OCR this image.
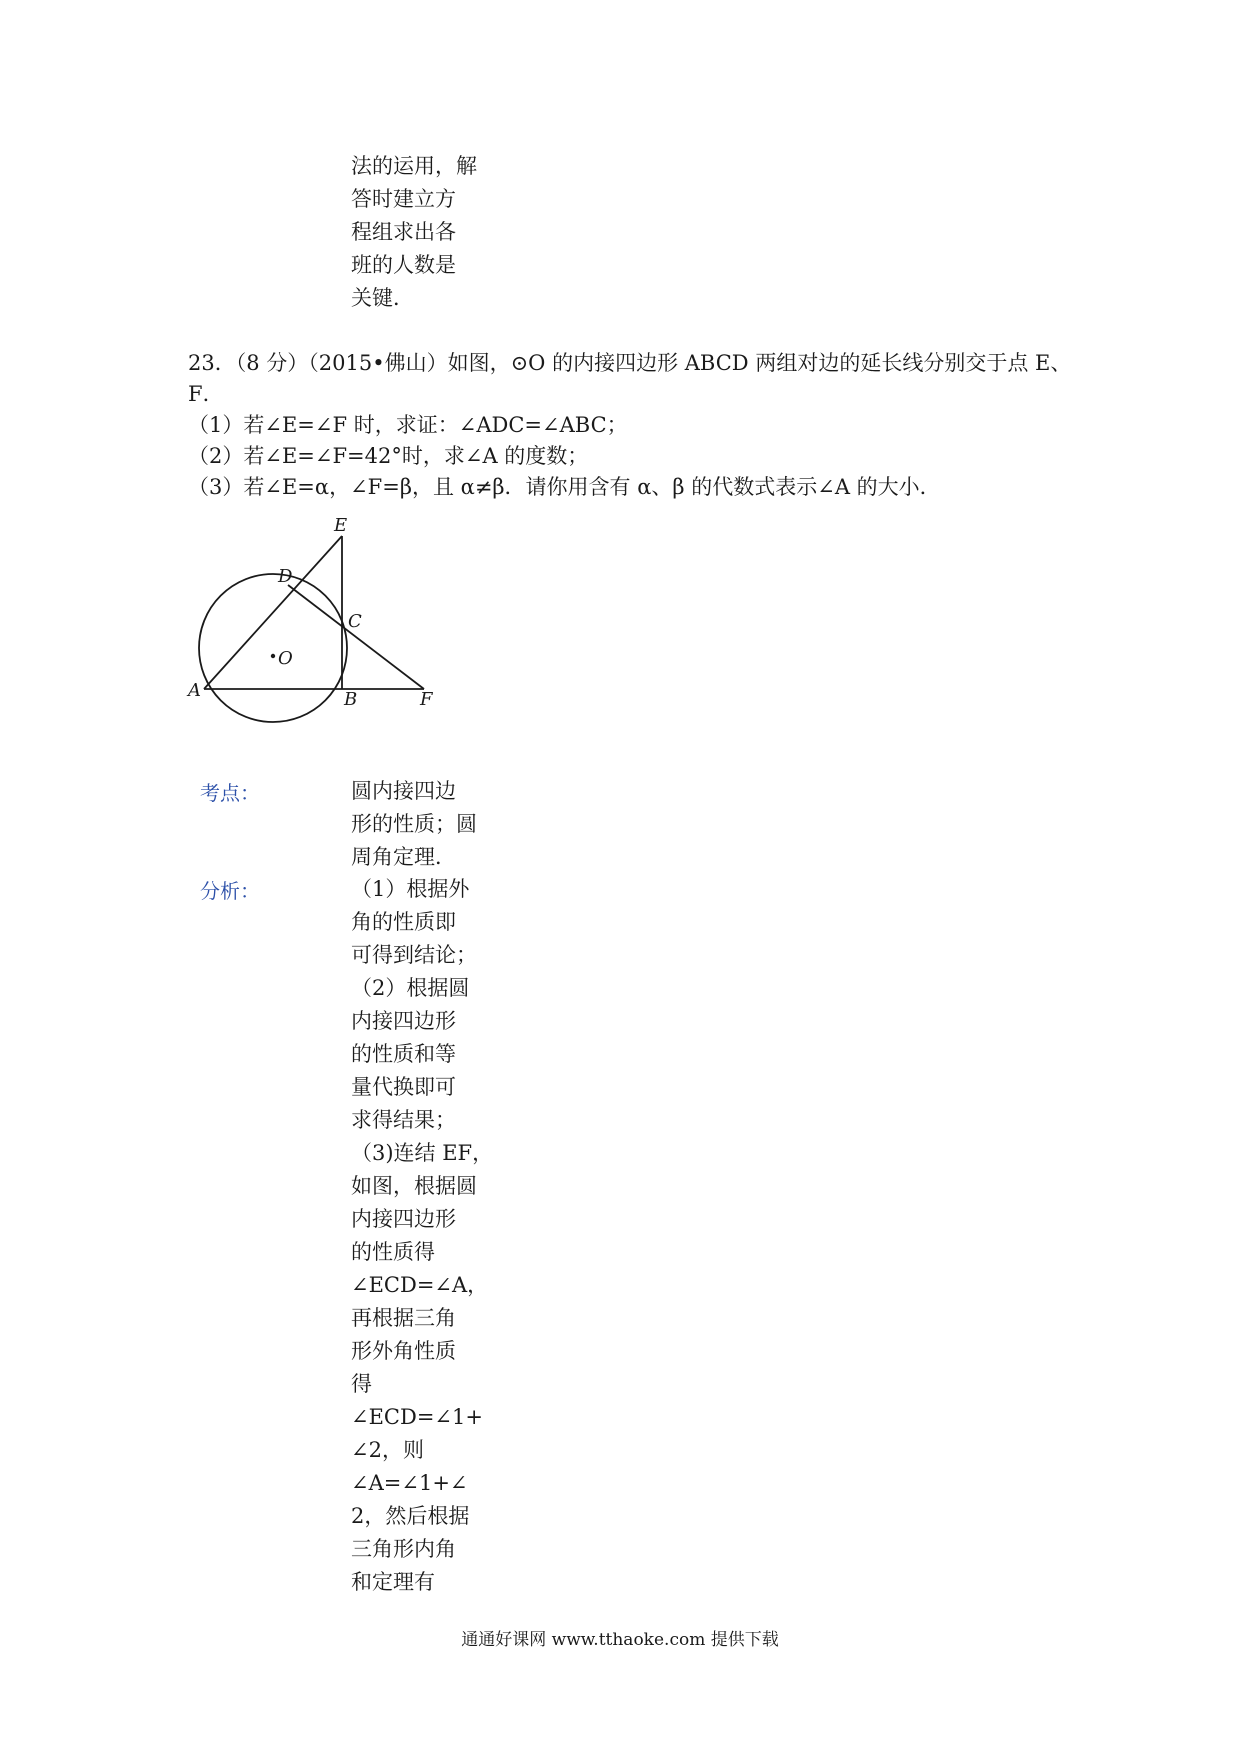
法的运用，解
答时建立方
程组求出各
班的人数是
关键．
23．（8 分）（2015•佛山）如图，⊙O 的内接四边形 ABCD 两组对边的延长线分别交于点 E、
F．
（1）若∠E=∠F 时，求证：∠ADC=∠ABC；
（2）若∠E=∠F=42°时，求∠A 的度数；
（3）若∠E=α，∠F=β，且 α≠β．请你用含有 α、β 的代数式表示∠A 的大小．
E
D
C
O
A	B	F
考点：	圆内接四边
形的性质；圆
周角定理．
分析：	（1）根据外
角的性质即
可得到结论；
（2）根据圆
内接四边形
的性质和等
量代换即可
求得结果；
（3)连结 EF，
如图，根据圆
内接四边形
的性质得
∠ECD=∠A，
再根据三角
形外角性质
得
∠ECD=∠1+
∠2，则
∠A=∠1+∠
2，然后根据
三角形内角
和定理有
通通好课网 www.tthaoke.com 提供下载
